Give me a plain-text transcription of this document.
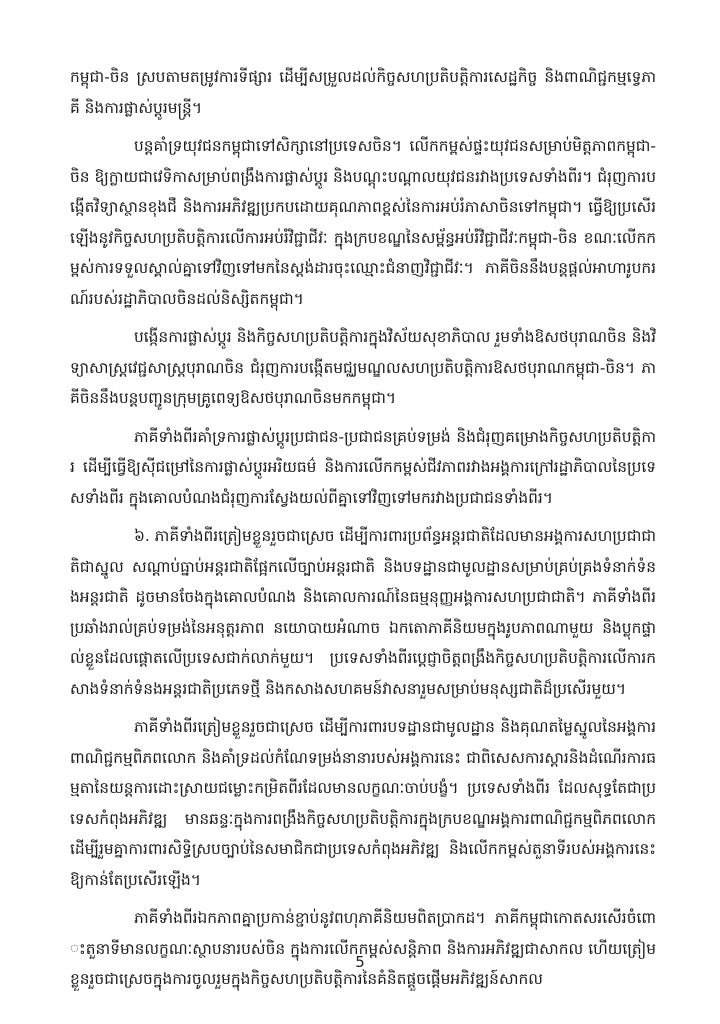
កម្ពុជា-ចិន ស្របតាមតម្រូវការទីផ្សារ ដើម្បីសម្រួលដល់កិច្ចសហប្រតិបត្តិការសេដ្ឋកិច្ច និងពាណិជ្ជកម្មទ្វេភាគី និងការផ្លាស់ប្តូរមន្ត្រី។

បន្តគាំទ្រយុវជនកម្ពុជាទៅសិក្សានៅប្រទេសចិន។ លើកកម្ពស់ផ្ទះយុវជនសម្រាប់មិត្តភាពកម្ពុជា-ចិន ឱ្យក្លាយជាវេទិកាសម្រាប់ពង្រឹងការផ្លាស់ប្តូរ និងបណ្តុះបណ្តាលយុវជនរវាងប្រទេសទាំងពីរ។ ជំរុញការបង្កើតវិទ្យាស្ថានខុងជឺ និងការអភិវឌ្ឍប្រកបដោយគុណភាពខ្ពស់នៃការអប់រំភាសាចិនទៅកម្ពុជា។ ធ្វើឱ្យប្រសើរឡើងនូវកិច្ចសហប្រតិបត្តិការលើការអប់រំវិជ្ជាជីវៈ ក្នុងក្របខណ្ឌនៃសម្ព័ន្ធអប់រំវិជ្ជាជីវៈកម្ពុជា-ចិន ខណៈលើកកម្ពស់ការទទួលស្គាល់គ្នាទៅវិញទៅមកនៃស្តង់ដារចុះឈ្មោះជំនាញវិជ្ជាជីវៈ។ ភាគីចិននឹងបន្តផ្តល់អាហារូបករណ៍របស់រដ្ឋាភិបាលចិនដល់និស្សិតកម្ពុជា។

បង្កើនការផ្លាស់ប្តូរ និងកិច្ចសហប្រតិបត្តិការក្នុងវិស័យសុខាភិបាល រួមទាំងឱសថបុរាណចិន និងវិទ្យាសាស្ត្រវេជ្ជសាស្ត្របុរាណចិន ជំរុញការបង្កើតមជ្ឈមណ្ឌលសហប្រតិបត្តិការឱសថបុរាណកម្ពុជា-ចិន។ ភាគីចិននឹងបន្តបញ្ជូនក្រុមគ្រូពេទ្យឱសថបុរាណចិនមកកម្ពុជា។

ភាគីទាំងពីរគាំទ្រការផ្លាស់ប្តូរប្រជាជន-ប្រជាជនគ្រប់ទម្រង់ និងជំរុញគម្រោងកិច្ចសហប្រតិបត្តិការ ដើម្បីធ្វើឱ្យស៊ីជម្រៅនៃការផ្លាស់ប្តូរអរិយធម៌ និងការលើកកម្ពស់ជីវភាពរវាងអង្គការក្រៅរដ្ឋាភិបាលនៃប្រទេសទាំងពីរ ក្នុងគោលបំណងជំរុញការស្វែងយល់ពីគ្នាទៅវិញទៅមករវាងប្រជាជនទាំងពីរ។

៦. ភាគីទាំងពីរត្រៀមខ្លួនរួចជាស្រេច ដើម្បីការពារប្រព័ន្ធអន្តរជាតិដែលមានអង្គការសហប្រជាជាតិជាស្នូល សណ្តាប់ធ្នាប់អន្តរជាតិផ្អែកលើច្បាប់អន្តរជាតិ និងបទដ្ឋានជាមូលដ្ឋានសម្រាប់គ្រប់គ្រងទំនាក់ទំនងអន្តរជាតិ ដូចមានចែងក្នុងគោលបំណង និងគោលការណ៍នៃធម្មនុញ្ញអង្គការសហប្រជាជាតិ។ ភាគីទាំងពីរប្រឆាំងរាល់គ្រប់ទម្រង់នៃអនុត្តរភាព នយោបាយអំណាច ឯកតោភាគីនិយមក្នុងរូបភាពណាមួយ និងប្លុកផ្ទាល់ខ្លួនដែលផ្តោតលើប្រទេសជាក់លាក់មួយ។ ប្រទេសទាំងពីរប្តេជ្ញាចិត្តពង្រឹងកិច្ចសហប្រតិបត្តិការលើការកសាងទំនាក់ទំនងអន្តរជាតិប្រភេទថ្មី និងកសាងសហគមន៍វាសនារួមសម្រាប់មនុស្សជាតិដ៏ប្រសើរមួយ។

ភាគីទាំងពីរត្រៀមខ្លួនរួចជាស្រេច ដើម្បីការពារបទដ្ឋានជាមូលដ្ឋាន និងគុណតម្លៃស្នូលនៃអង្គការពាណិជ្ជកម្មពិភពលោក និងគាំទ្រដល់កំណែទម្រង់នានារបស់អង្គការនេះ ជាពិសេសការស្តារនិងដំណើរការធម្មតានៃយន្តការដោះស្រាយជម្លោះកម្រិតពីរដែលមានលក្ខណៈចាប់បង្ខំ។ ប្រទេសទាំងពីរ ដែលសុទ្ធតែជាប្រទេសកំពុងអភិវឌ្ឍ មានឆន្ទៈក្នុងការពង្រឹងកិច្ចសហប្រតិបត្តិការក្នុងក្របខណ្ឌអង្គការពាណិជ្ជកម្មពិភពលោក ដើម្បីរួមគ្នាការពារសិទ្ធិស្របច្បាប់នៃសមាជិកជាប្រទេសកំពុងអភិវឌ្ឍ និងលើកកម្ពស់តួនាទីរបស់អង្គការនេះឱ្យកាន់តែប្រសើរឡើង។

ភាគីទាំងពីរឯកភាពគ្នាប្រកាន់ខ្ជាប់នូវពហុភាគីនិយមពិតប្រាកដ។ ភាគីកម្ពុជាកោតសរសើរចំពោះតួនាទីមានលក្ខណៈស្ថាបនារបស់ចិន ក្នុងការលើកកម្ពស់សន្តិភាព និងការអភិវឌ្ឍជាសាកល ហើយត្រៀមខ្លួនរួចជាស្រេចក្នុងការចូលរួមក្នុងកិច្ចសហប្រតិបត្តិការនៃគំនិតផ្តួចផ្តើមអភិវឌ្ឍន៍សាកល

5
